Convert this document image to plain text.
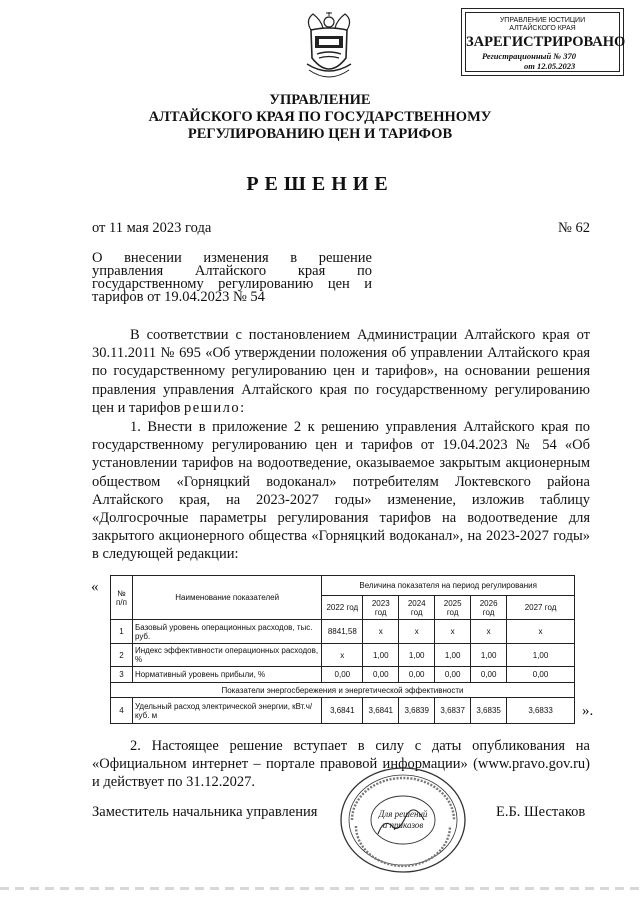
УПРАВЛЕНИЕ ЮСТИЦИИ
АЛТАЙСКОГО КРАЯ
ЗАРЕГИСТРИРОВАНО
Регистрационный № 370
от 12.05.2023
УПРАВЛЕНИЕ
АЛТАЙСКОГО КРАЯ ПО ГОСУДАРСТВЕННОМУ
РЕГУЛИРОВАНИЮ ЦЕН И ТАРИФОВ
РЕШЕНИЕ
от 11 мая 2023 года	№ 62
О внесении изменения в решение
управления Алтайского края по
государственному регулированию цен и
тарифов от 19.04.2023 № 54
В соответствии с постановлением Администрации Алтайского края от 30.11.2011 № 695 «Об утверждении положения об управлении Алтайского края по государственному регулированию цен и тарифов», на основании решения правления управления Алтайского края по государственному регулированию цен и тарифов решило:
1. Внести в приложение 2 к решению управления Алтайского края по государственному регулированию цен и тарифов от 19.04.2023 № 54 «Об установлении тарифов на водоотведение, оказываемое закрытым акционерным обществом «Горняцкий водоканал» потребителям Локтевского района Алтайского края, на 2023-2027 годы» изменение, изложив таблицу «Долгосрочные параметры регулирования тарифов на водоотведение для закрытого акционерного общества «Горняцкий водоканал», на 2023-2027 годы» в следующей редакции:
« № п/п	Наименование показателей	Величина показателя на период регулирования					
		2022 год	2023 год	2024 год	2025 год	2026 год	2027 год
1	Базовый уровень операционных расходов, тыс. руб.	8841,58	х	х	х	х	х
2	Индекс эффективности операционных расходов, %	х	1,00	1,00	1,00	1,00	1,00
3	Нормативный уровень прибыли, %	0,00	0,00	0,00	0,00	0,00	0,00
Показатели энергосбережения и энергетической эффективности							
4	Удельный расход электрической энергии, кВт.ч/куб. м	3,6841	3,6841	3,6839	3,6837	3,6835	3,6833 ».
2. Настоящее решение вступает в силу с даты опубликования на «Официальном интернет – портале правовой информации» (www.pravo.gov.ru) и действует по 31.12.2027.
Заместитель начальника управления	Е.Б. Шестаков
Для решений
и приказов
